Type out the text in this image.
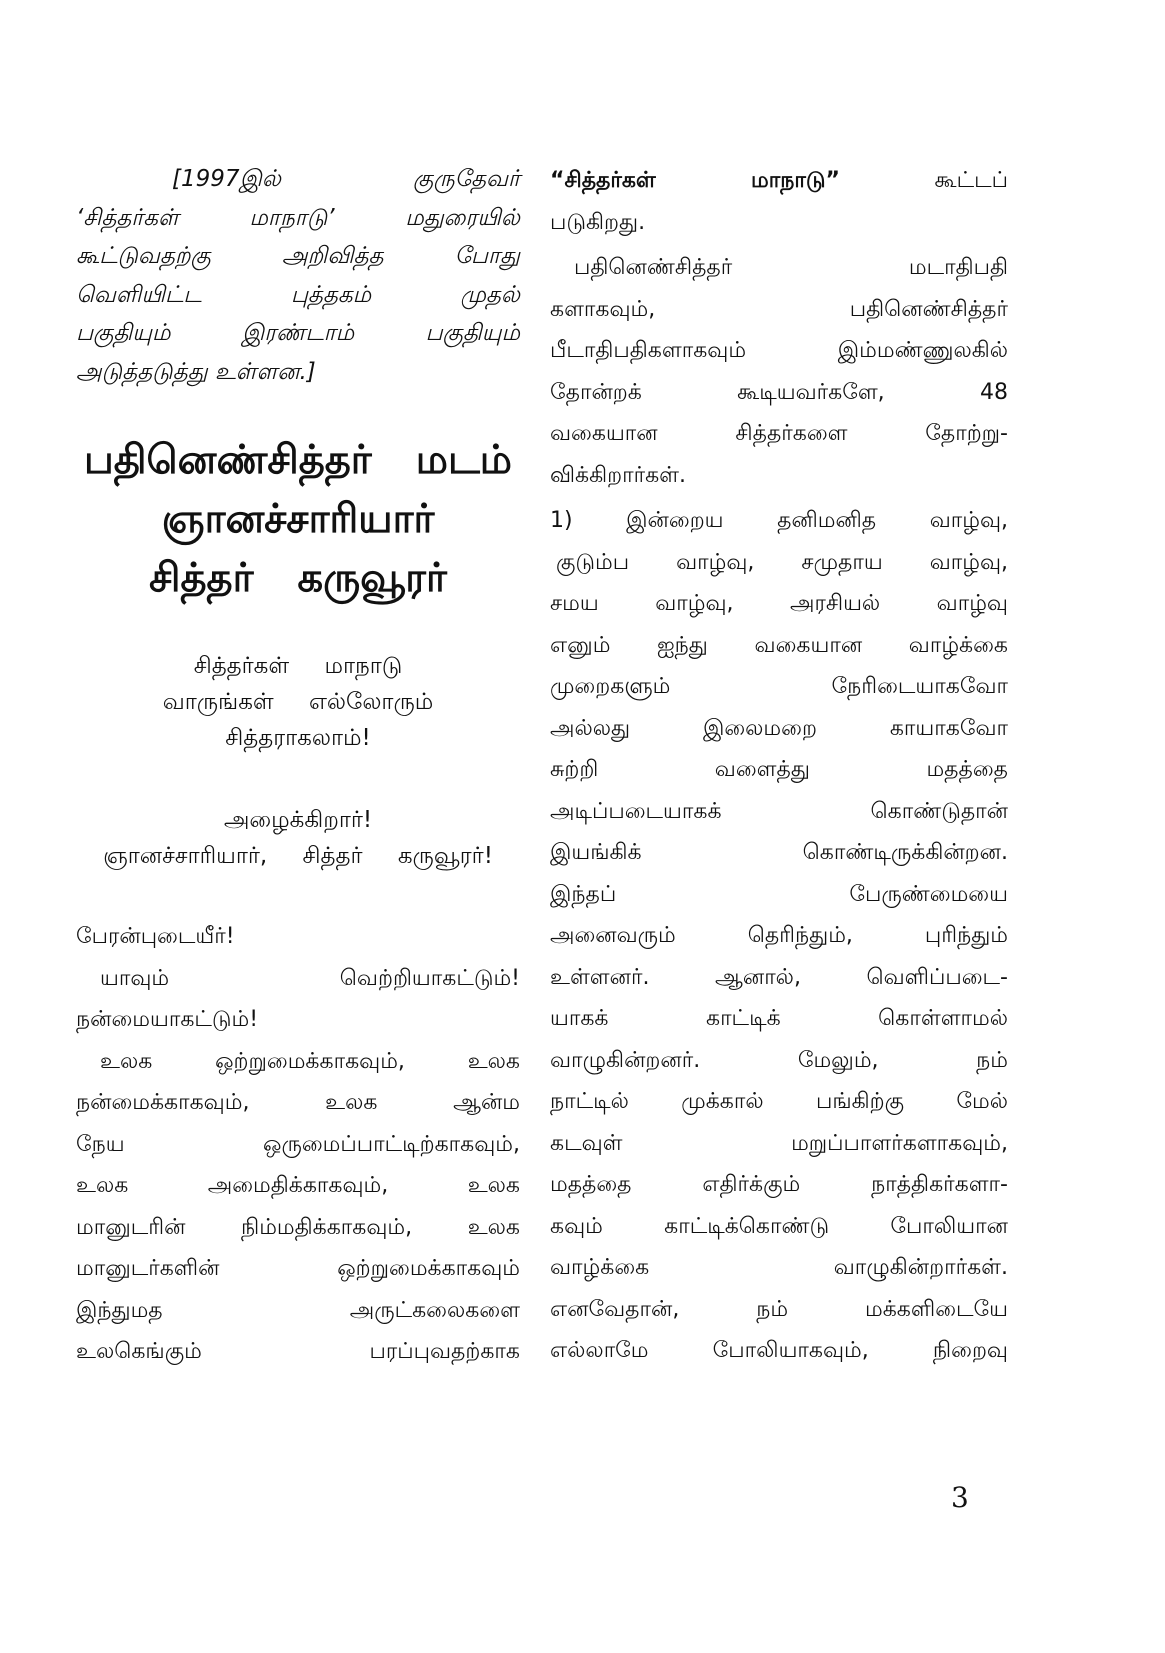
[1997இல் குருதேவர்
‘சித்தர்கள் மாநாடு’ மதுரையில்
கூட்டுவதற்கு அறிவித்த போது
வெளியிட்ட புத்தகம் முதல்
பகுதியும் இரண்டாம் பகுதியும்
அடுத்தடுத்து உள்ளன.]
பதினெண்சித்தர் மடம்
ஞானச்சாரியார்
சித்தர் கருவூரர்
சித்தர்கள் மாநாடு
வாருங்கள் எல்லோரும்
சித்தராகலாம்!
அழைக்கிறார்!
ஞானச்சாரியார், சித்தர் கருவூரர்!
பேரன்புடையீர்!
யாவும் வெற்றியாகட்டும்!
நன்மையாகட்டும்!
உலக ஒற்றுமைக்காகவும், உலக
நன்மைக்காகவும், உலக ஆன்ம
நேய ஒருமைப்பாட்டிற்காகவும்,
உலக அமைதிக்காகவும், உலக
மானுடரின் நிம்மதிக்காகவும், உலக
மானுடர்களின் ஒற்றுமைக்காகவும்
இந்துமத அருட்கலைகளை
உலகெங்கும் பரப்புவதற்காக
“சித்தர்கள் மாநாடு”	கூட்டப்
படுகிறது.
பதினெண்சித்தர் மடாதிபதி
களாகவும், பதினெண்சித்தர்
பீடாதிபதிகளாகவும் இம்மண்ணுலகில்
தோன்றக் கூடியவர்களே, 48
வகையான சித்தர்களை தோற்று-
விக்கிறார்கள்.
1) இன்றைய தனிமனித வாழ்வு,
குடும்ப வாழ்வு, சமுதாய வாழ்வு,
சமய வாழ்வு, அரசியல் வாழ்வு
எனும் ஐந்து வகையான வாழ்க்கை
முறைகளும் நேரிடையாகவோ
அல்லது இலைமறை காயாகவோ
சுற்றி வளைத்து மதத்தை
அடிப்படையாகக் கொண்டுதான்
இயங்கிக் கொண்டிருக்கின்றன.
இந்தப் பேருண்மையை
அனைவரும் தெரிந்தும், புரிந்தும்
உள்ளனர். ஆனால், வெளிப்படை-
யாகக் காட்டிக் கொள்ளாமல்
வாழுகின்றனர். மேலும், நம்
நாட்டில் முக்கால் பங்கிற்கு மேல்
கடவுள் மறுப்பாளர்களாகவும்,
மதத்தை எதிர்க்கும் நாத்திகர்களா-
கவும் காட்டிக்கொண்டு போலியான
வாழ்க்கை வாழுகின்றார்கள்.
எனவேதான், நம் மக்களிடையே
எல்லாமே போலியாகவும், நிறைவு
3
